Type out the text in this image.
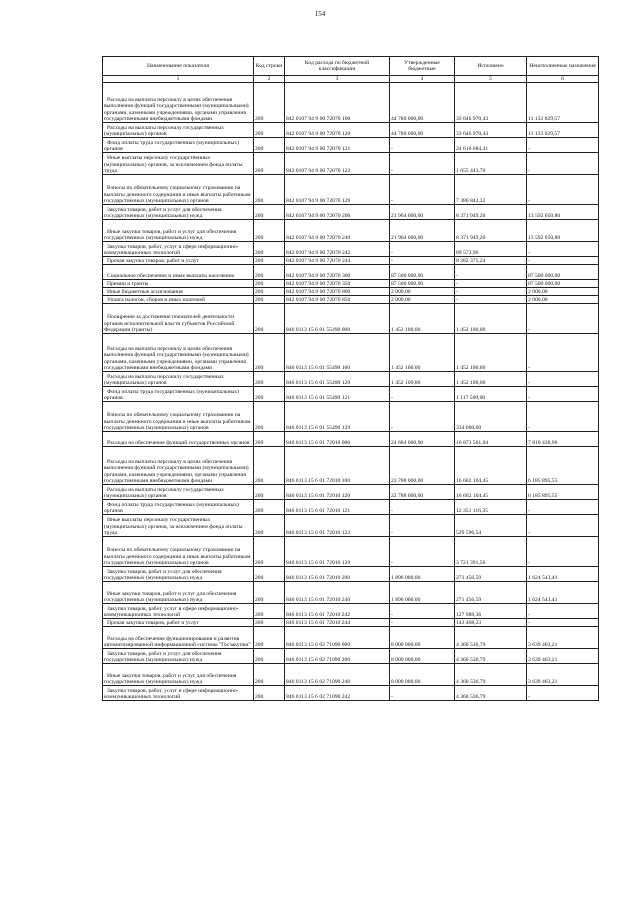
154
Наименование показателя	Код строки	Код расхода по бюджетной классификации	Утвержденные бюджетные	Исполнено	Неисполненные назначения
1	2	3	4	5	6
Расходы на выплаты персоналу в целях обеспечения выполнения функций государственными (муниципальными) органами, казенными учреждениями, органами управления государственными внебюджетными фондами	200	842 0107 94 9 00 72070 100	44 780 000,00	33 646 970,43	11 133 029,57
Расходы на выплаты персоналу государственных (муниципальных) органов	200	842 0107 94 9 00 72070 120	44 780 000,00	33 646 970,43	11 133 029,57
Фонд оплаты труда государственных (муниципальных) органов	200	842 0107 94 9 00 72070 121	-	24 610 684,41	-
Иные выплаты персоналу государственных (муниципальных) органов, за исключением фонда оплаты труда	200	842 0107 94 9 00 72070 122	-	1 655 443,70	-
Взносы по обязательному социальному страхованию на выплаты денежного содержания и иные выплаты работникам государственных (муниципальных) органов	200	842 0107 94 9 00 72070 129	-	7 380 842,32	-
Закупка товаров, работ и услуг для обеспечения государственных (муниципальных) нужд	200	842 0107 94 9 00 72070 200	21 964 000,00	8 371 949,20	13 592 050,80
Иные закупки товаров, работ и услуг для обеспечения государственных (муниципальных) нужд	200	842 0107 94 9 00 72070 240	21 964 000,00	8 371 949,20	13 592 050,80
Закупка товаров, работ, услуг в сфере информационно-коммуникационных технологий	200	842 0107 94 9 00 72070 242	-	89 573,96	-
Прочая закупка товаров, работ и услуг	200	842 0107 94 9 00 72070 244	-	8 282 375,24	-
Социальное обеспечение и иные выплаты населению	200	842 0107 94 9 00 72070 300	87 500 000,00	-	87 500 000,00
Премии и гранты	200	842 0107 94 9 00 72070 350	87 500 000,00	-	87 500 000,00
Иные бюджетные ассигнования	200	842 0107 94 9 00 72070 800	2 000,00	-	2 000,00
Уплата налогов, сборов и иных платежей	200	842 0107 94 9 00 72070 850	2 000,00	-	2 000,00
Поощрение за достижение показателей деятельности органов исполнительной власти субъектов Российской Федерации (гранты)	200	846 0113 15 6 01 55490 000	1 452 100,00	1 452 100,00	-
Расходы на выплаты персоналу в целях обеспечения выполнения функций государственными (муниципальными) органами, казенными учреждениями, органами управления государственными внебюджетными фондами	200	846 0113 15 6 01 55490 100	1 452 100,00	1 452 100,00	-
Расходы на выплаты персоналу государственных (муниципальных) органов	200	846 0113 15 6 01 55490 120	1 452 100,00	1 452 100,00	-
Фонд оплаты труда государственных (муниципальных) органов	200	846 0113 15 6 01 55490 121	-	1 117 500,00	-
Взносы по обязательному социальному страхованию на выплаты денежного содержания и иные выплаты работникам государственных (муниципальных) органов	200	846 0113 15 6 01 55490 129	-	334 600,00	-
Расходы на обеспечение функций государственных органов	200	846 0113 15 6 01 72010 000	24 684 000,00	16 873 561,04	7 810 438,96
Расходы на выплаты персоналу в целях обеспечения выполнения функций государственными (муниципальными) органами, казенными учреждениями, органами управления государственными внебюджетными фондами	200	846 0113 15 6 01 72010 100	22 788 000,00	16 602 104,45	6 185 895,55
Расходы на выплаты персоналу государственных (муниципальных) органов	200	846 0113 15 6 01 72010 120	22 788 000,00	16 602 104,45	6 185 895,55
Фонд оплаты труда государственных (муниципальных) органов	200	846 0113 15 6 01 72010 121	-	12 351 116,35	-
Иные выплаты персоналу государственных (муниципальных) органов, за исключением фонда оплаты труда	200	846 0113 15 6 01 72010 122	-	529 596,54	-
Взносы по обязательному социальному страхованию на выплаты денежного содержания и иные выплаты работникам государственных (муниципальных) органов	200	846 0113 15 6 01 72010 129	-	3 721 391,56	-
Закупка товаров, работ и услуг для обеспечения государственных (муниципальных) нужд	200	846 0113 15 6 01 72010 200	1 896 000,00	271 456,59	1 624 543,41
Иные закупки товаров, работ и услуг для обеспечения государственных (муниципальных) нужд	200	846 0113 15 6 01 72010 240	1 896 000,00	271 456,59	1 624 543,41
Закупка товаров, работ, услуг в сфере информационно-коммуникационных технологий	200	846 0113 15 6 01 72010 242	-	127 988,36	-
Прочая закупка товаров, работ и услуг	200	846 0113 15 6 01 72010 244	-	143 468,23	-
Расходы на обеспечение функционирования и развития автоматизированной информационной системы "Госзакупки"	200	846 0113 15 6 02 71090 000	8 000 000,00	4 360 536,79	3 639 463,21
Закупка товаров, работ и услуг для обеспечения государственных (муниципальных) нужд	200	846 0113 15 6 02 71090 200	8 000 000,00	4 360 536,79	3 639 463,21
Иные закупки товаров, работ и услуг для обеспечения государственных (муниципальных) нужд	200	846 0113 15 6 02 71090 240	8 000 000,00	4 360 536,79	3 639 463,21
Закупка товаров, работ, услуг в сфере информационно-коммуникационных технологий	200	846 0113 15 6 02 71090 242	-	4 360 536,79	-
